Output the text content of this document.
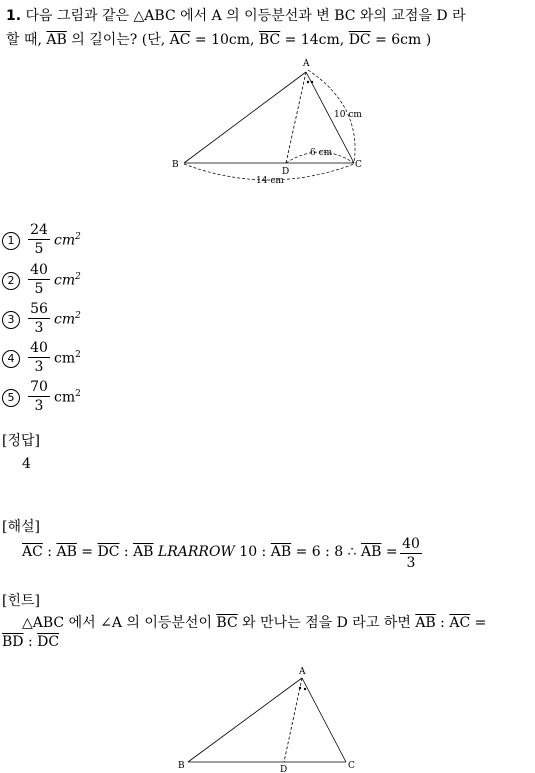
1. 다음 그림과 같은 △ABC 에서 A 의 이등분선과 변 BC 와의 교점을 D 라
할 때, $\overline{AB}$ 의 길이는? (단, $\overline{AC} = 10cm$, $\overline{BC} = 14cm$, $\overline{DC} = 6cm$ )
A
B	C
D
10 cm
6 cm
14 cm
1
24
5
$cm^2$
2
40
5
$cm^2$
3
56
3
$cm^2$
4
40
3
$cm^2$
5
70
3
$cm^2$
[정답]
4
[해설]
$\overline{AC}$ : $\overline{AB} = \overline{DC}$ : $\overline{AB}$ LRARROW 10 : $\overline{AB} = 6$ : 8 ∴ $\overline{AB} = 40$
3
[힌트]
△ABC 에서 ∠A 의 이등분선이 $\overline{BC}$ 와 만나는 점을 D 라고 하면 $\overline{AB}$ : $\overline{AC}$ =
$\overline{BD}$ : $\overline{DC}$
A
B	C
D
